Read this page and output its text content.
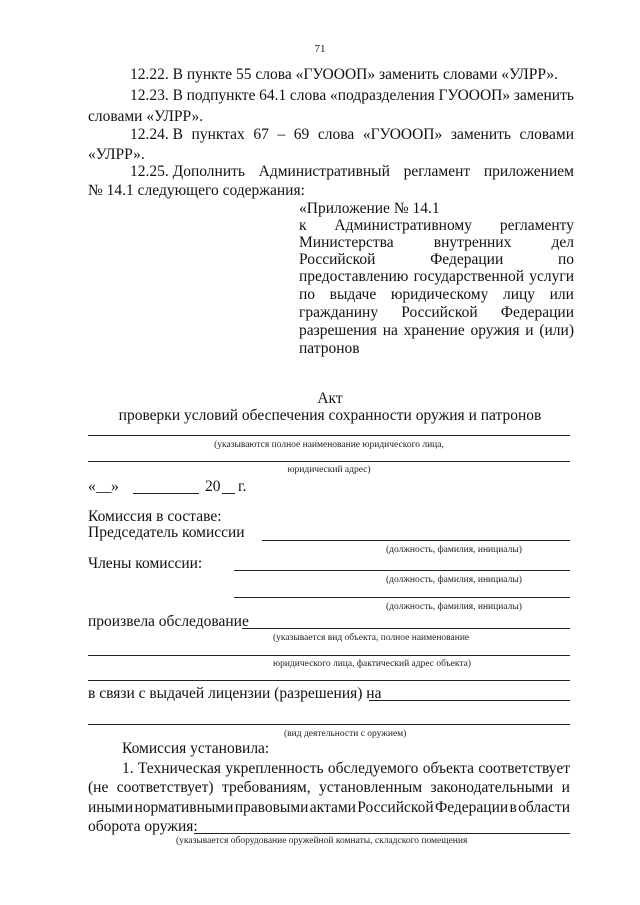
71
12.22. В пункте 55 слова «ГУОООП» заменить словами «УЛРР».
12.23. В подпункте 64.1 слова «подразделения ГУОООП» заменить
словами «УЛРР».
12.24. В пунктах 67 – 69 слова «ГУОООП» заменить словами
«УЛРР».
12.25. Дополнить Административный регламент приложением
№ 14.1 следующего содержания:
«Приложение № 14.1
к Административному регламенту
Министерства	внутренних	дел
Российской	Федерации	по
предоставлению государственной услуги
по выдаче юридическому лицу или
гражданину Российской Федерации
разрешения на хранение оружия и (или)
патронов
Акт
проверки условий обеспечения сохранности оружия и патронов
(указываются полное наименование юридического лица,
юридический адрес)
« __ »	20 г.
Комиссия в составе:
Председатель комиссии
(должность, фамилия, инициалы)
Члены комиссии:
(должность, фамилия, инициалы)
(должность, фамилия, инициалы)
произвела обследование
(указывается вид объекта, полное наименование
юридического лица, фактический адрес объекта)
в связи с выдачей лицензии (разрешения) на
(вид деятельности с оружием)
Комиссия установила:
1. Техническая укрепленность обследуемого объекта соответствует
(не соответствует) требованиям, установленным законодательными и
иными нормативными правовыми актами Российской Федерации в области
оборота оружия:
(указывается оборудование оружейной комнаты, складского помещения
